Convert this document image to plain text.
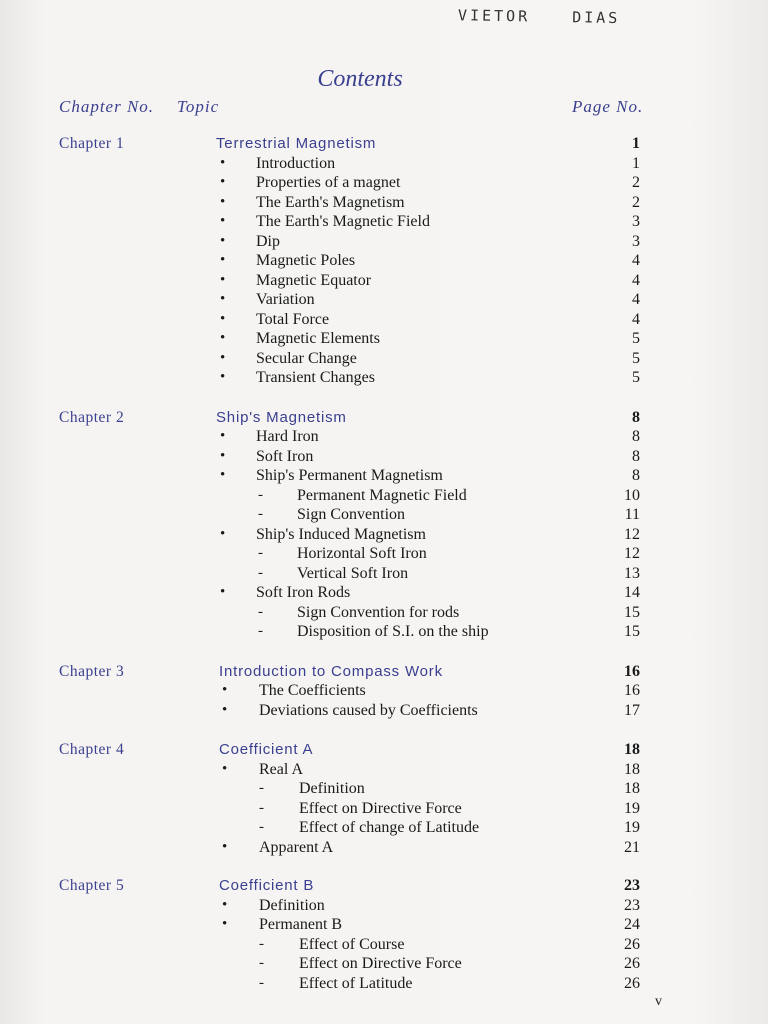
VIETOR	DIAS
Contents
Chapter No. Topic	Page No.
Chapter 1	Terrestrial Magnetism	1
• Introduction	1
• Properties of a magnet	2
• The Earth's Magnetism	2
• The Earth's Magnetic Field	3
• Dip	3
• Magnetic Poles	4
• Magnetic Equator	4
• Variation	4
• Total Force	4
• Magnetic Elements	5
• Secular Change	5
• Transient Changes	5
Chapter 2	Ship's Magnetism	8
• Hard Iron	8
• Soft Iron	8
• Ship's Permanent Magnetism	8
- Permanent Magnetic Field	10
- Sign Convention	11
• Ship's Induced Magnetism	12
- Horizontal Soft Iron	12
- Vertical Soft Iron	13
• Soft Iron Rods	14
- Sign Convention for rods	15
- Disposition of S.I. on the ship	15
Chapter 3	Introduction to Compass Work	16
• The Coefficients	16
• Deviations caused by Coefficients	17
Chapter 4	Coefficient A	18
• Real A	18
- Definition	18
- Effect on Directive Force	19
- Effect of change of Latitude	19
• Apparent A	21
Chapter 5	Coefficient B	23
• Definition	23
• Permanent B	24
- Effect of Course	26
- Effect on Directive Force	26
- Effect of Latitude	26
v
